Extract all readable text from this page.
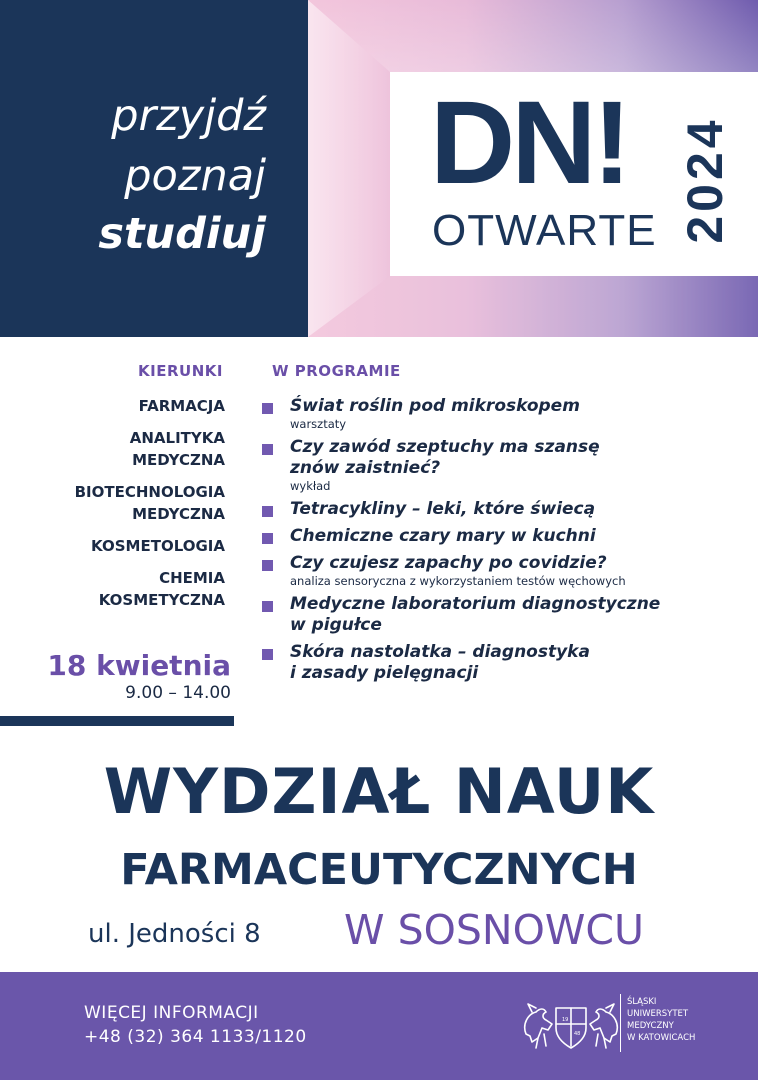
przyjdź
poznaj
studiuj
DN!
OTWARTE 2024
KIERUNKI
FARMACJA
ANALITYKA
MEDYCZNA
BIOTECHNOLOGIA
MEDYCZNA
KOSMETOLOGIA
CHEMIA
KOSMETYCZNA
18 kwietnia
9.00 – 14.00
W PROGRAMIE
Świat roślin pod mikroskopem
warsztaty
Czy zawód szeptuchy ma szansę
znów zaistnieć?
wykład
Tetracykliny – leki, które świecą
Chemiczne czary mary w kuchni
Czy czujesz zapachy po covidzie?
analiza sensoryczna z wykorzystaniem testów węchowych
Medyczne laboratorium diagnostyczne
w pigułce
Skóra nastolatka – diagnostyka
i zasady pielęgnacji
WYDZIAŁ NAUK
FARMACEUTYCZNYCH
ul. Jedności 8 W SOSNOWCU
WIĘCEJ INFORMACJI
+48 (32) 364 1133/1120
19
48
ŚLĄSKI
UNIWERSYTET
MEDYCZNY
W KATOWICACH
